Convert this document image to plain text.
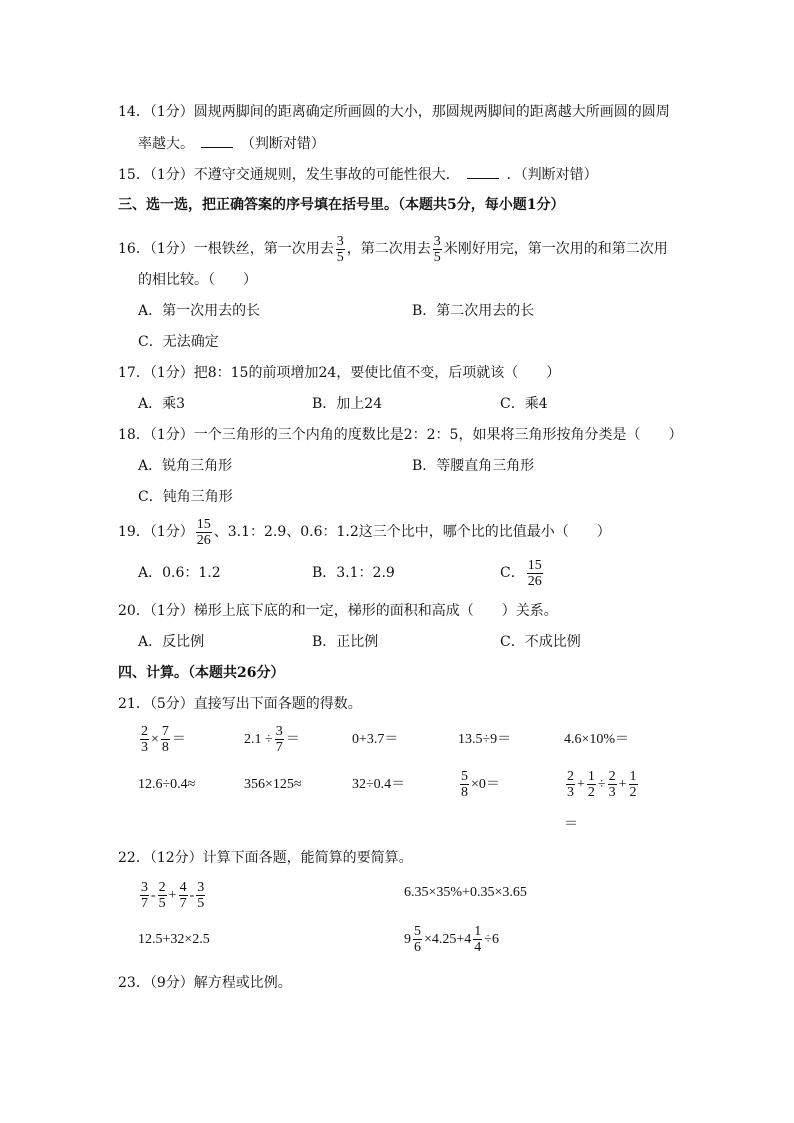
14．（1分）圆规两脚间的距离确定所画圆的大小，那圆规两脚间的距离越大所画圆的圆周
率越大。	（判断对错）
15．（1分）不遵守交通规则，发生事故的可能性很大．	．（判断对错）
三、选一选，把正确答案的序号填在括号里。（本题共5分，每小题1分）
16．（1分）一根铁丝，第一次用去 $\frac{3}{5}$ ，第二次用去 $\frac{3}{5}$ 米刚好用完，第一次用的和第二次用
的相比较。（　　）
A．第一次用去的长	B．第二次用去的长
C．无法确定
17．（1分）把8：15的前项增加24，要使比值不变，后项就该（　　）
A．乘3	B．加上24	C．乘4
18．（1分）一个三角形的三个内角的度数比是2：2：5，如果将三角形按角分类是（　　）
A．锐角三角形	B．等腰直角三角形
C．钝角三角形
19．（1分） $\frac{15}{26}$ 、3.1：2.9、0.6：1.2这三个比中，哪个比的比值最小（　　）
A．0.6：1.2	B．3.1：2.9	C． $\frac{15}{26}$
20．（1分）梯形上底下底的和一定，梯形的面积和高成（　　）关系。
A．反比例	B．正比例	C．不成比例
四、计算。（本题共26分）
21．（5分）直接写出下面各题的得数。
$\frac{2}{3} \times \frac{7}{8}$ ＝	$2.1 \div \frac{3}{7}$ ＝	0+3.7＝	13.5÷9＝	4.6×10%＝
12.6÷0.4≈	356×125≈	32÷0.4＝	$\frac{5}{8} \times 0=$	$\frac{2}{3} + \frac{1}{2} \div \frac{2}{3} + \frac{1}{2}$
＝
22．（12分）计算下面各题，能简算的要简算。
$\frac{3}{7} - \frac{2}{5} + \frac{4}{7} - \frac{3}{5}$	6.35×35%+0.35×3.65
12.5+32×2.5	$9 \frac{5}{6} \times 4.25+4 \frac{1}{4} \div 6$
23．（9分）解方程或比例。
